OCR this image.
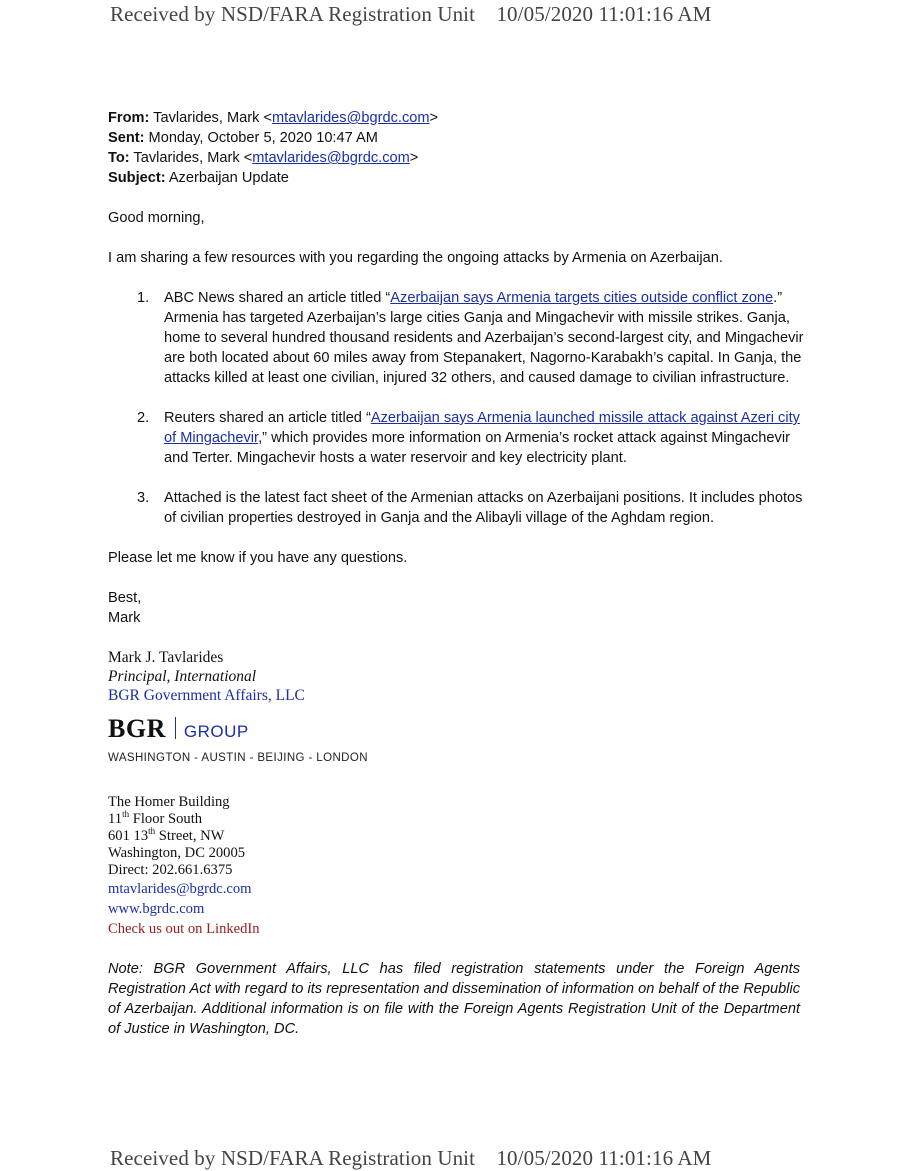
Received by NSD/FARA Registration Unit    10/05/2020 11:01:16 AM

From: Tavlarides, Mark <mtavlarides@bgrdc.com>

Sent: Monday, October 5, 2020 10:47 AM

To: Tavlarides, Mark <mtavlarides@bgrdc.com>

Subject: Azerbaijan Update

Good morning,

I am sharing a few resources with you regarding the ongoing attacks by Armenia on Azerbaijan.

1. ABC News shared an article titled “Azerbaijan says Armenia targets cities outside conflict zone.” Armenia has targeted Azerbaijan’s large cities Ganja and Mingachevir with missile strikes. Ganja, home to several hundred thousand residents and Azerbaijan’s second-largest city, and Mingachevir are both located about 60 miles away from Stepanakert, Nagorno-Karabakh’s capital. In Ganja, the attacks killed at least one civilian, injured 32 others, and caused damage to civilian infrastructure.
2. Reuters shared an article titled “Azerbaijan says Armenia launched missile attack against Azeri city of Mingachevir,” which provides more information on Armenia’s rocket attack against Mingachevir and Terter. Mingachevir hosts a water reservoir and key electricity plant.
3. Attached is the latest fact sheet of the Armenian attacks on Azerbaijani positions. It includes photos of civilian properties destroyed in Ganja and the Alibayli village of the Aghdam region.

Please let me know if you have any questions.

Best,

Mark

Mark J. Tavlarides
Principal, International
BGR Government Affairs, LLC
BGR GROUP
WASHINGTON - AUSTIN - BEIJING - LONDON
The Homer Building
11th Floor South
601 13th Street, NW
Washington, DC 20005
Direct: 202.661.6375
mtavlarides@bgrdc.com
www.bgrdc.com
Check us out on LinkedIn

Note: BGR Government Affairs, LLC has filed registration statements under the Foreign Agents Registration Act with regard to its representation and dissemination of information on behalf of the Republic of Azerbaijan. Additional information is on file with the Foreign Agents Registration Unit of the Department of Justice in Washington, DC.

Received by NSD/FARA Registration Unit    10/05/2020 11:01:16 AM
